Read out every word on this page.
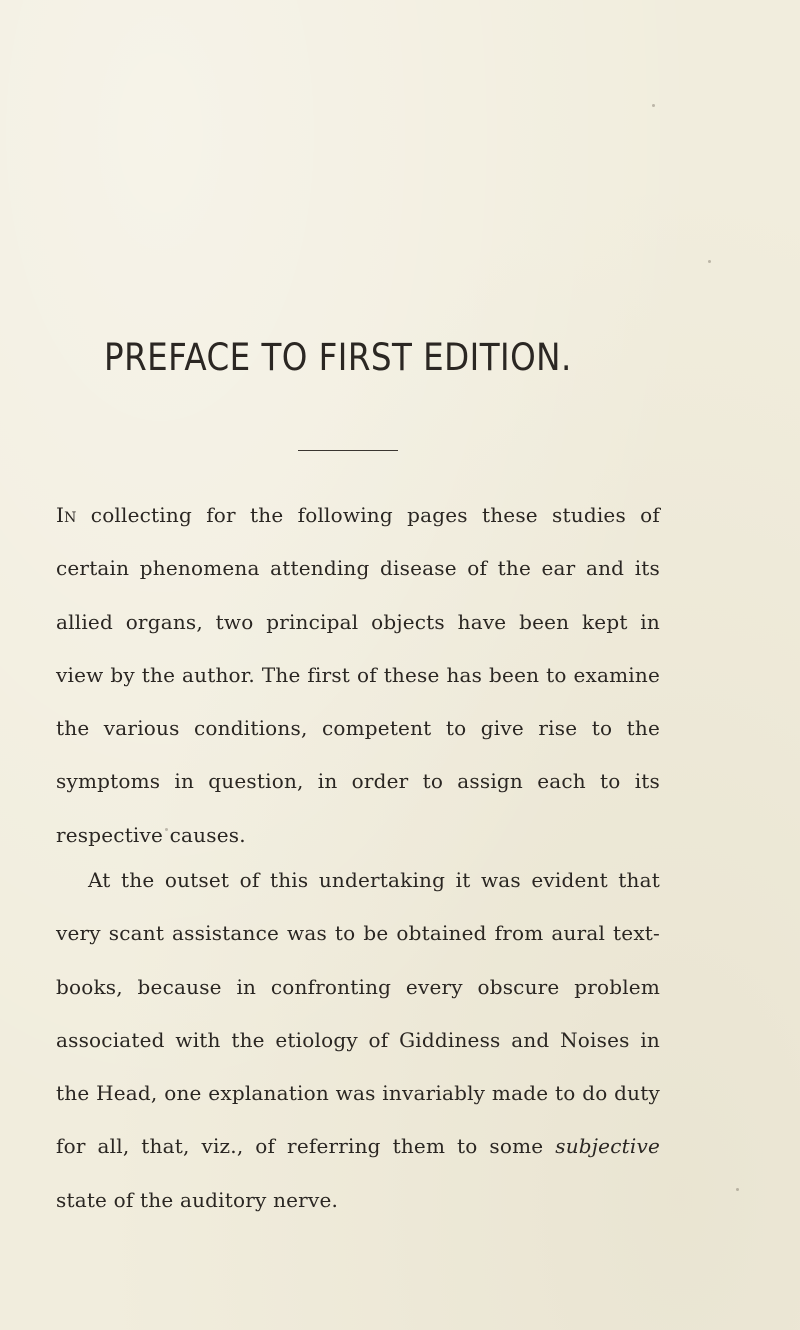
PREFACE TO FIRST EDITION.

In collecting for the following pages these studies of certain phenomena attending disease of the ear and its allied organs, two principal objects have been kept in view by the author. The first of these has been to examine the various conditions, competent to give rise to the symptoms in question, in order to assign each to its respective causes.

At the outset of this undertaking it was evident that very scant assistance was to be obtained from aural text-books, because in confronting every obscure problem associated with the etiology of Giddiness and Noises in the Head, one explanation was invariably made to do duty for all, that, viz., of referring them to some subjective state of the auditory nerve.
